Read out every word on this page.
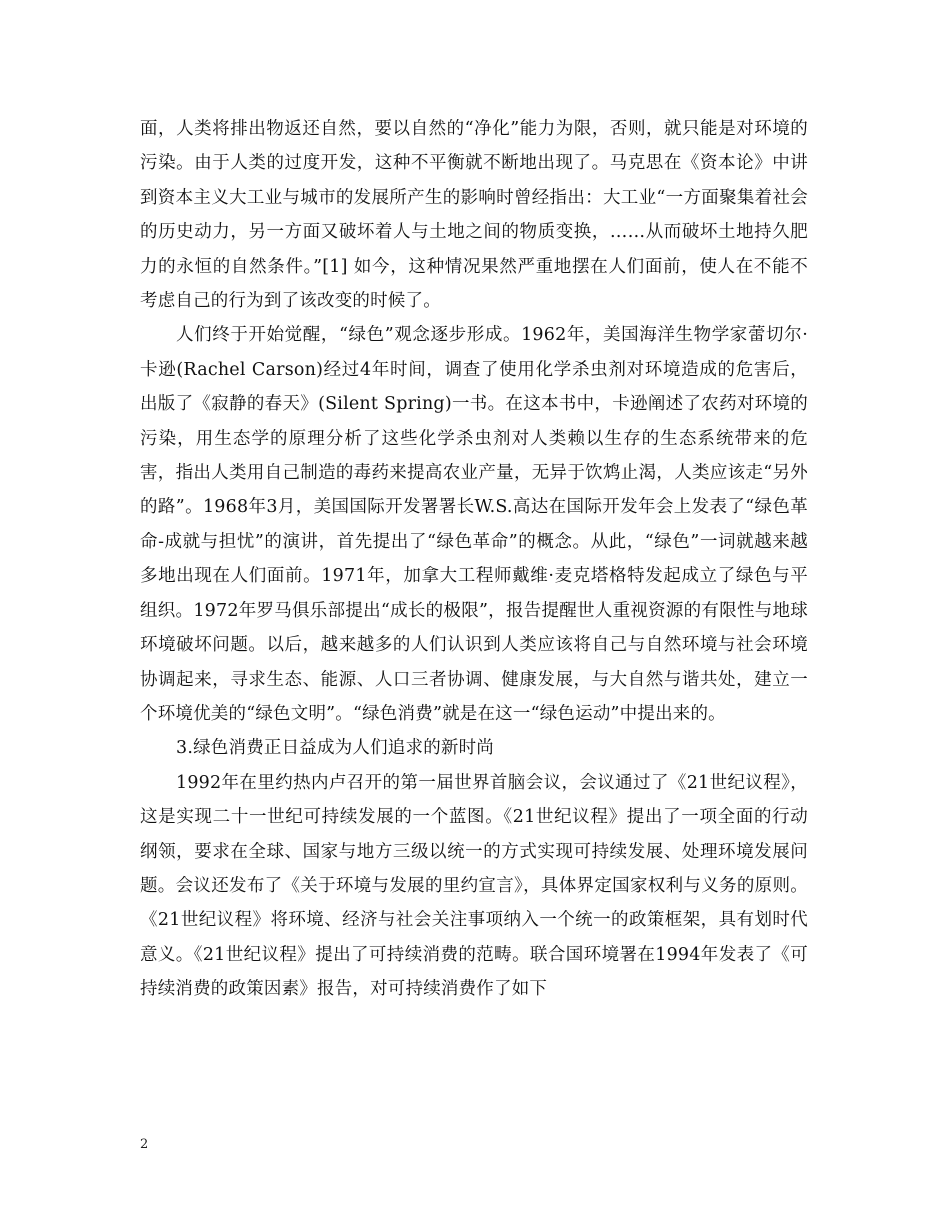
面，人类将排出物返还自然，要以自然的“净化”能力为限，否则，就只能是对环境的污染。由于人类的过度开发，这种不平衡就不断地出现了。马克思在《资本论》中讲到资本主义大工业与城市的发展所产生的影响时曾经指出：大工业“一方面聚集着社会的历史动力，另一方面又破坏着人与土地之间的物质变换，……从而破坏土地持久肥力的永恒的自然条件。”[1] 如今，这种情况果然严重地摆在人们面前，使人在不能不考虑自己的行为到了该改变的时候了。

人们终于开始觉醒，“绿色”观念逐步形成。1962年，美国海洋生物学家蕾切尔·卡逊(Rachel Carson)经过4年时间，调查了使用化学杀虫剂对环境造成的危害后，出版了《寂静的春天》(Silent Spring)一书。在这本书中，卡逊阐述了农药对环境的污染，用生态学的原理分析了这些化学杀虫剂对人类赖以生存的生态系统带来的危害，指出人类用自己制造的毒药来提高农业产量，无异于饮鸩止渴，人类应该走“另外的路”。1968年3月，美国国际开发署署长W.S.高达在国际开发年会上发表了“绿色革命-成就与担忧”的演讲，首先提出了“绿色革命”的概念。从此，“绿色”一词就越来越多地出现在人们面前。1971年，加拿大工程师戴维·麦克塔格特发起成立了绿色与平组织。1972年罗马俱乐部提出“成长的极限”，报告提醒世人重视资源的有限性与地球环境破坏问题。以后，越来越多的人们认识到人类应该将自己与自然环境与社会环境协调起来，寻求生态、能源、人口三者协调、健康发展，与大自然与谐共处，建立一个环境优美的“绿色文明”。“绿色消费”就是在这一“绿色运动”中提出来的。

3.绿色消费正日益成为人们追求的新时尚

1992年在里约热内卢召开的第一届世界首脑会议，会议通过了《21世纪议程》，这是实现二十一世纪可持续发展的一个蓝图。《21世纪议程》提出了一项全面的行动纲领，要求在全球、国家与地方三级以统一的方式实现可持续发展、处理环境发展问题。会议还发布了《关于环境与发展的里约宣言》，具体界定国家权利与义务的原则。《21世纪议程》将环境、经济与社会关注事项纳入一个统一的政策框架，具有划时代意义。《21世纪议程》提出了可持续消费的范畴。联合国环境署在1994年发表了《可持续消费的政策因素》报告，对可持续消费作了如下

2
